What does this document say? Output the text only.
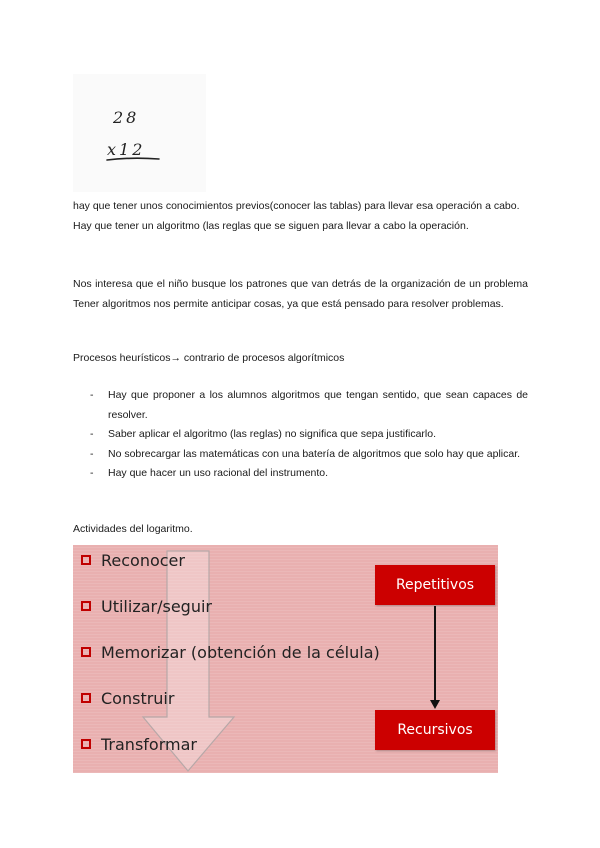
28
x12

hay que tener unos conocimientos previos(conocer las tablas) para llevar esa operación a cabo.

Hay que tener un algoritmo (las reglas que se siguen para llevar a cabo la operación.

Nos interesa que el niño busque los patrones que van detrás de la organización de un problema Tener algoritmos nos permite anticipar cosas, ya que está pensado para resolver problemas.

Procesos heurísticos→ contrario de procesos algorítmicos

- Hay que proponer a los alumnos algoritmos que tengan sentido, que sean capaces de resolver.
- Saber aplicar el algoritmo (las reglas) no significa que sepa justificarlo.
- No sobrecargar las matemáticas con una batería de algoritmos que solo hay que aplicar.
- Hay que hacer un uso racional del instrumento.
Actividades del logaritmo.
Reconocer
Utilizar/seguir
Memorizar (obtención de la célula)
Construir
Transformar
Repetitivos
Recursivos
